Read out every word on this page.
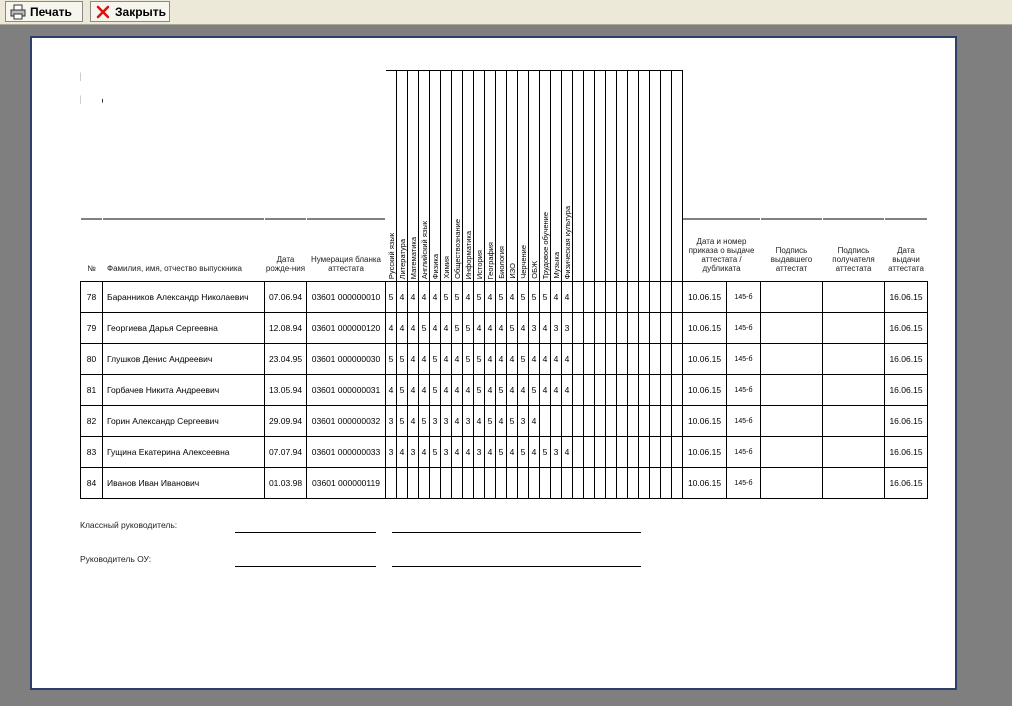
Печать	Закрыть
№	Фамилия, имя, отчество выпускника	Дата рожде-ния	Нумерация бланка аттестата	Русский язык	Литература	Математика	Английский язык	Физика	Химия	Обществознание	Информатика	История	География	Биология	ИЗО	Черчение	ОБЖ	Трудовое обучение	Музыка	Физическая культура											Дата и номер приказа о выдаче аттестата / дубликата		Подпись выдавшего аттестат	Подпись получателя аттестата	Дата выдачи аттестата
78	Баранников Александр Николаевич	07.06.94	03601 000000010	5	4	4	4	4	5	5	4	5	4	5	4	5	5	5	4	4											10.06.15	145-б			16.06.15
79	Георгиева Дарья Сергеевна	12.08.94	03601 000000120	4	4	4	5	4	4	5	5	4	4	4	5	4	3	4	3	3											10.06.15	145-б			16.06.15
80	Глушков Денис Андреевич	23.04.95	03601 000000030	5	5	4	4	5	4	4	5	5	4	4	4	5	4	4	4	4											10.06.15	145-б			16.06.15
81	Горбачев Никита Андреевич	13.05.94	03601 000000031	4	5	4	4	5	4	4	4	5	4	5	4	4	5	4	4	4											10.06.15	145-б			16.06.15
82	Горин Александр Сергеевич	29.09.94	03601 000000032	3	5	4	5	3	3	4	3	4	5	4	5	3	4														10.06.15	145-б			16.06.15
83	Гущина Екатерина Алексеевна	07.07.94	03601 000000033	3	4	3	4	5	3	4	4	3	4	5	4	5	4	5	3	4											10.06.15	145-б			16.06.15
84	Иванов Иван Иванович	01.03.98	03601 000000119																												10.06.15	145-б			16.06.15
Классный руководитель:
Руководитель ОУ:
